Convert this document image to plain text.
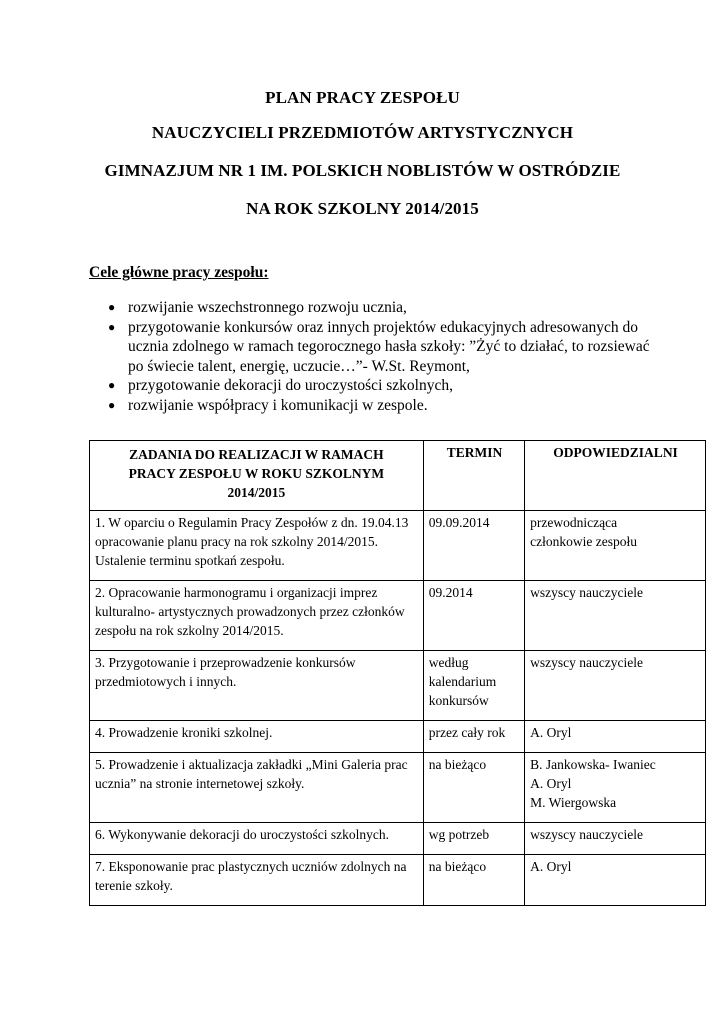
PLAN PRACY ZESPOŁU
NAUCZYCIELI PRZEDMIOTÓW ARTYSTYCZNYCH
GIMNAZJUM NR 1 IM. POLSKICH NOBLISTÓW W OSTRÓDZIE
NA ROK SZKOLNY 2014/2015
Cele główne pracy zespołu:
● rozwijanie wszechstronnego rozwoju ucznia,
● przygotowanie konkursów oraz innych projektów edukacyjnych adresowanych do ucznia zdolnego w ramach tegorocznego hasła szkoły: ”Żyć to działać, to rozsiewać po świecie talent, energię, uczucie…”- W.St. Reymont,
● przygotowanie dekoracji do uroczystości szkolnych,
● rozwijanie współpracy i komunikacji w zespole.
ZADANIA DO REALIZACJI W RAMACH PRACY ZESPOŁU W ROKU SZKOLNYM 2014/2015	TERMIN	ODPOWIEDZIALNI
1. W oparciu o Regulamin Pracy Zespołów z dn. 19.04.13 opracowanie planu pracy na rok szkolny 2014/2015. Ustalenie terminu spotkań zespołu.	09.09.2014	przewodnicząca
członkowie zespołu

2. Opracowanie harmonogramu i organizacji imprez kulturalno- artystycznych prowadzonych przez członków zespołu na rok szkolny 2014/2015.	09.2014	wszyscy nauczyciele

3. Przygotowanie i przeprowadzenie konkursów przedmiotowych i innych.	według kalendarium konkursów	wszyscy nauczyciele

4. Prowadzenie kroniki szkolnej.	przez cały rok	A. Oryl

5. Prowadzenie i aktualizacja zakładki „Mini Galeria prac ucznia” na stronie internetowej szkoły.	na bieżąco	B. Jankowska- Iwaniec
A. Oryl
M. Wiergowska

6. Wykonywanie dekoracji do uroczystości szkolnych.	wg potrzeb	wszyscy nauczyciele

7. Eksponowanie prac plastycznych uczniów zdolnych na terenie szkoły.	na bieżąco	A. Oryl
